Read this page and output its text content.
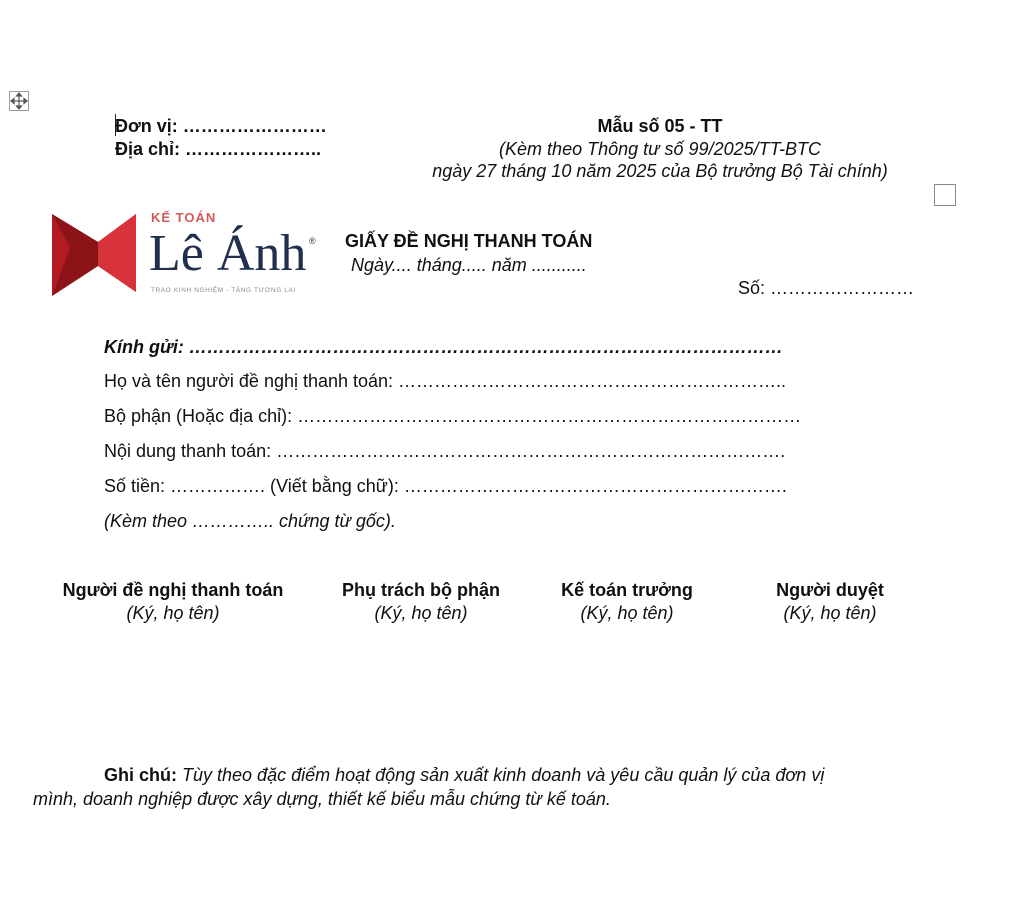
Đơn vị: ……………………
Địa chỉ: …………………..
Mẫu số 05 - TT
(Kèm theo Thông tư số 99/2025/TT-BTC
ngày 27 tháng 10 năm 2025 của Bộ trưởng Bộ Tài chính)
KẾ TOÁN
Lê Ánh ®
TRAO KINH NGHIỆM - TẶNG TƯƠNG LAI
GIẤY ĐỀ NGHỊ THANH TOÁN
Ngày.... tháng..... năm ...........
Số: ……………………
Kính gửi: ………………………………………………………………………………………
Họ và tên người đề nghị thanh toán: ………………………………………………………..
Bộ phận (Hoặc địa chỉ): …………………………………………………………………………
Nội dung thanh toán: ………………………………………………………………………….
Số tiền: ……………. (Viết bằng chữ): ……………………………………………………….
(Kèm theo ………….. chứng từ gốc).
Người đề nghị thanh toán
(Ký, họ tên)
Phụ trách bộ phận
(Ký, họ tên)
Kế toán trưởng
(Ký, họ tên)
Người duyệt
(Ký, họ tên)
Ghi chú: Tùy theo đặc điểm hoạt động sản xuất kinh doanh và yêu cầu quản lý của đơn vị
mình, doanh nghiệp được xây dựng, thiết kế biểu mẫu chứng từ kế toán.
